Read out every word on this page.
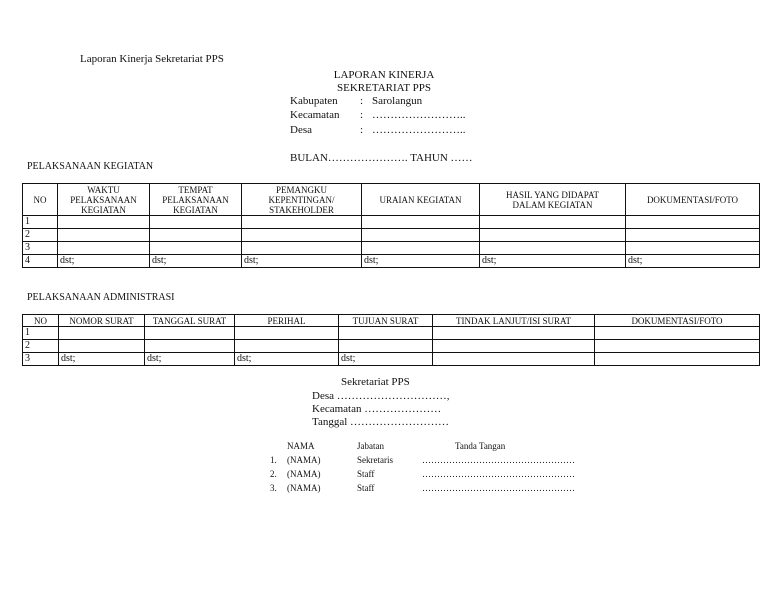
Laporan Kinerja Sekretariat PPS
LAPORAN KINERJA
SEKRETARIAT PPS
Kabupaten : Sarolangun
Kecamatan : ……………………..
Desa	: ……………………..
BULAN…………………. TAHUN ……
PELAKSANAAN KEGIATAN
NO	WAKTU PELAKSANAAN KEGIATAN	TEMPAT PELAKSANAAN KEGIATAN	PEMANGKU KEPENTINGAN/ STAKEHOLDER	URAIAN KEGIATAN	HASIL YANG DIDAPAT DALAM KEGIATAN	DOKUMENTASI/FOTO
1						
2						
3						
4	dst;	dst;	dst;	dst;	dst;	dst;
PELAKSANAAN ADMINISTRASI
NO	NOMOR SURAT	TANGGAL SURAT	PERIHAL	TUJUAN SURAT	TINDAK LANJUT/ISI SURAT	DOKUMENTASI/FOTO
1						
2						
3	dst;	dst;	dst;	dst;		
Sekretariat PPS
Desa …………………………,
Kecamatan …………………
Tanggal ………………………
NAMA	Jabatan	Tanda Tangan
1. (NAMA)	Sekretaris	……………………………………………
2. (NAMA)	Staff	……………………………………………
3. (NAMA)	Staff	……………………………………………
